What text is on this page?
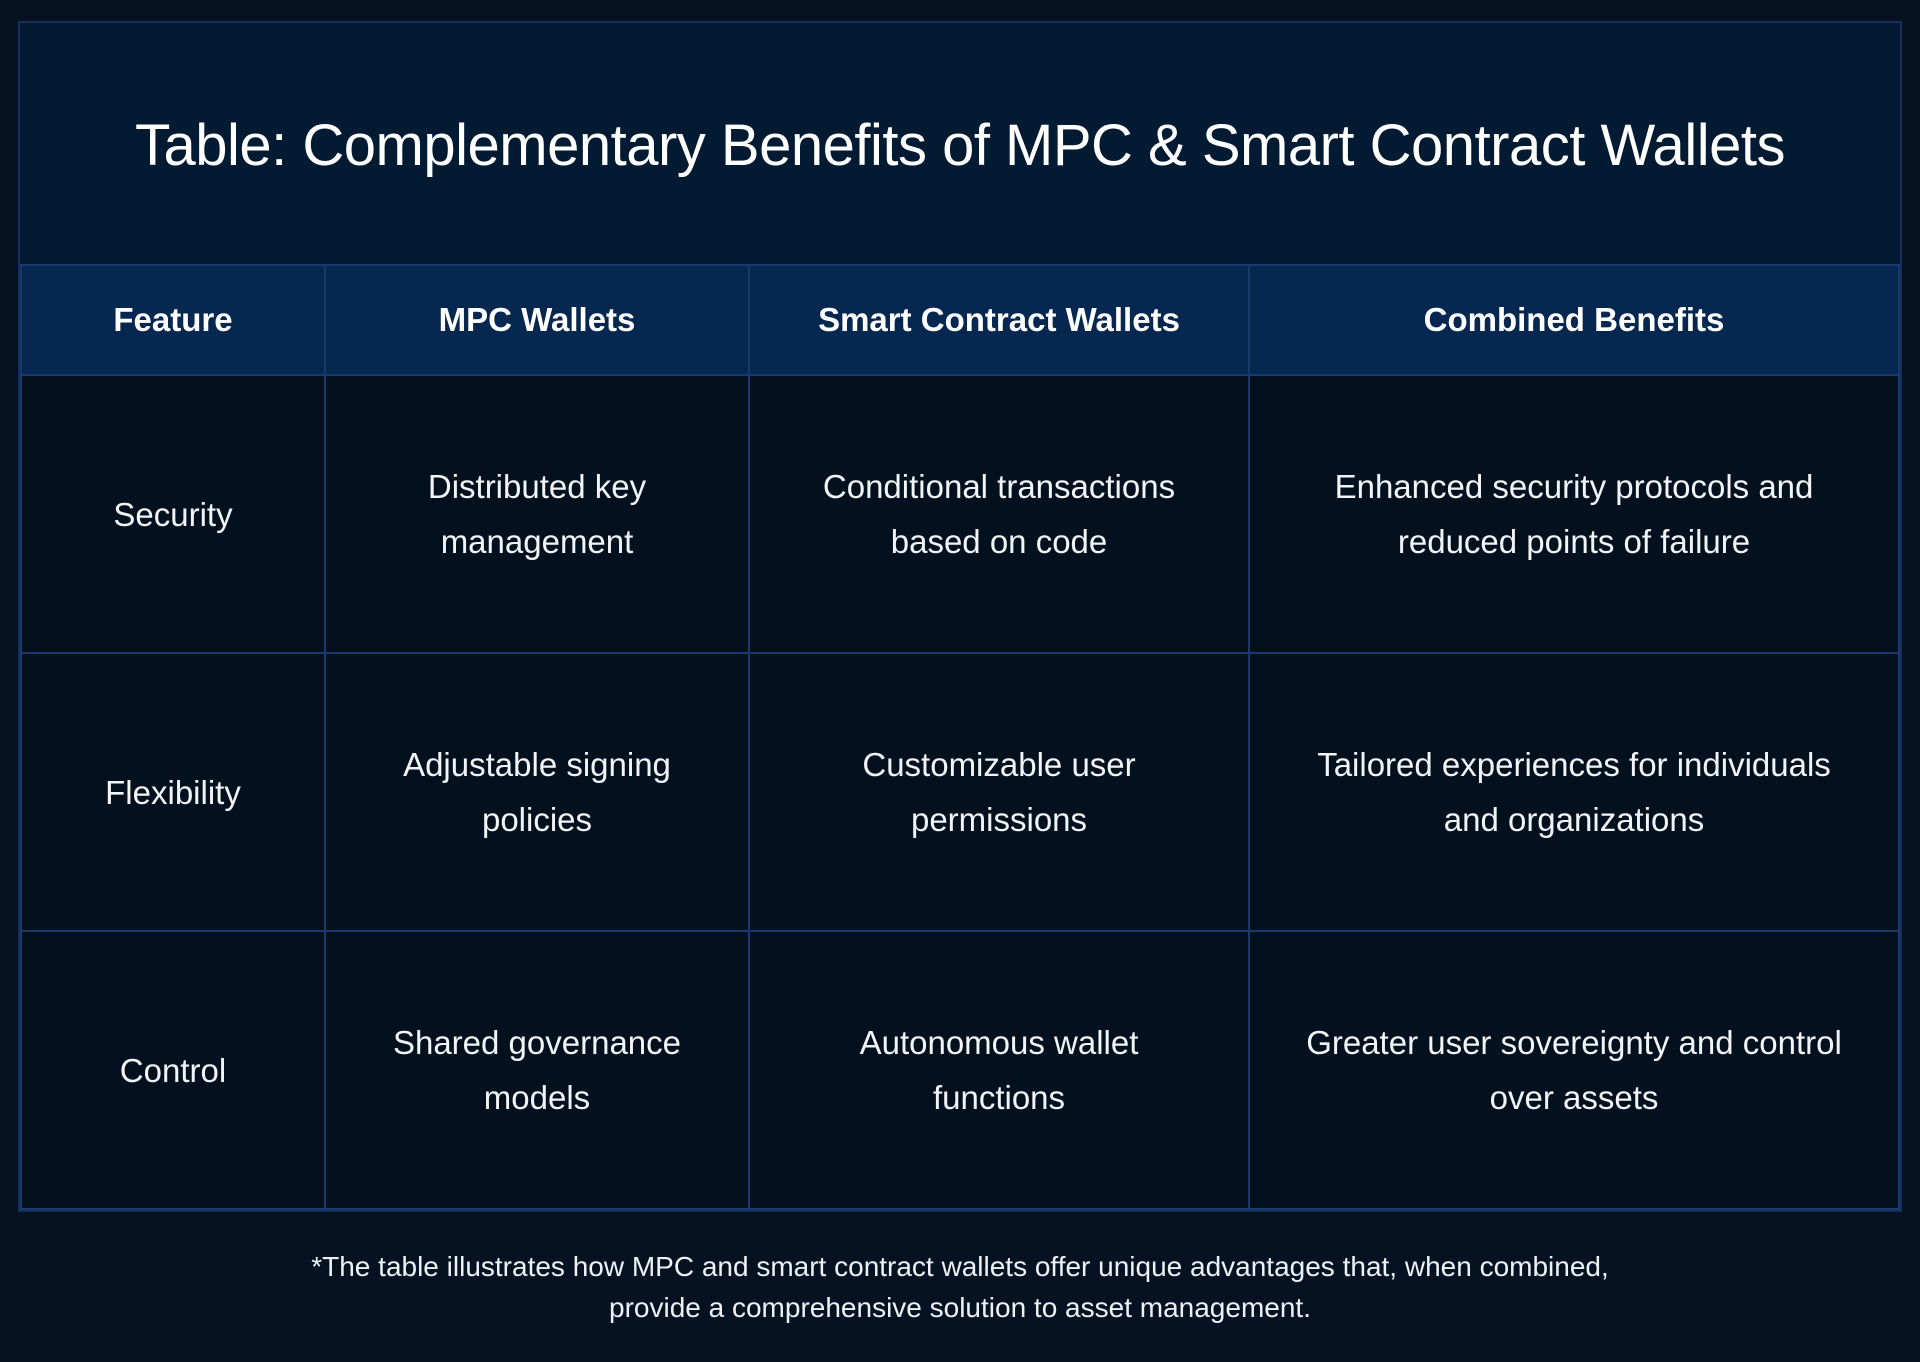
Table: Complementary Benefits of MPC & Smart Contract Wallets
Feature	MPC Wallets	Smart Contract Wallets	Combined Benefits
Security	Distributed key management	Conditional transactions based on code	Enhanced security protocols and reduced points of failure
Flexibility	Adjustable signing policies	Customizable user permissions	Tailored experiences for individuals and organizations
Control	Shared governance models	Autonomous wallet functions	Greater user sovereignty and control over assets
*The table illustrates how MPC and smart contract wallets offer unique advantages that, when combined,
provide a comprehensive solution to asset management.
